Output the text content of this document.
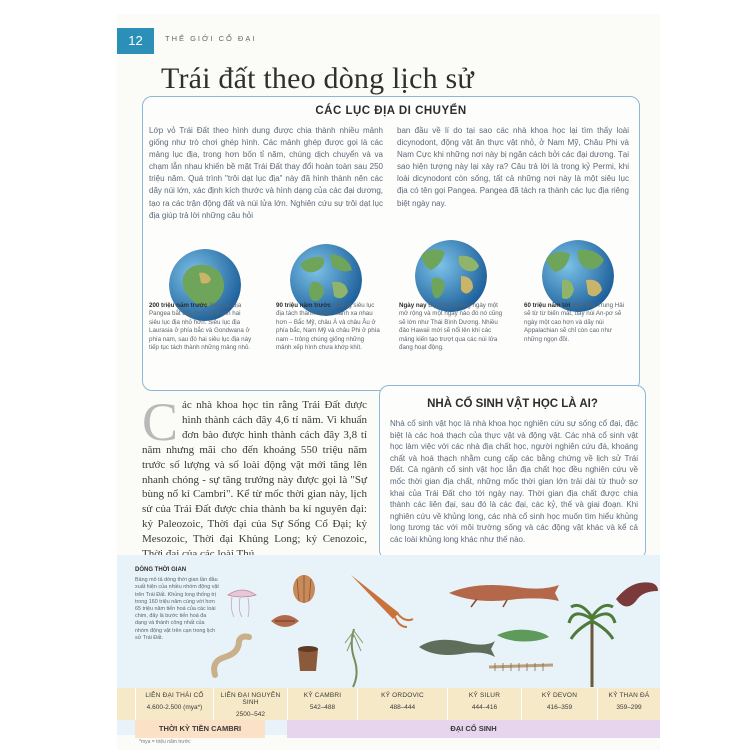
12	THẾ GIỚI CỔ ĐẠI
Trái đất theo dòng lịch sử
CÁC LỤC ĐỊA DI CHUYỂN
Lớp vỏ Trái Đất theo hình dung được chia thành nhiều mảnh giống như trò chơi ghép hình. Các mảnh ghép được gọi là các mảng lục địa, trong hơn bốn tỉ năm, chúng dịch chuyển và va chạm lẫn nhau khiến bề mặt Trái Đất thay đổi hoàn toàn sau 250 triệu năm. Quá trình "trôi dạt lục địa" này đã hình thành nên các dãy núi lớn, xác định kích thước và hình dạng của các đại dương, tạo ra các trận động đất và núi lửa lớn. Nghiên cứu sự trôi dạt lục địa giúp trả lời những câu hỏi
ban đầu về lí do tại sao các nhà khoa học lại tìm thấy loài dicynodont, động vật ăn thực vật nhỏ, ở Nam Mỹ, Châu Phi và Nam Cực khi những nơi này bị ngăn cách bởi các đại dương. Tại sao hiện tượng này lại xảy ra? Câu trả lời là trong kỷ Permi, khi loài dicynodont còn sống, tất cả những nơi này là một siêu lục địa có tên gọi Pangea. Pangea đã tách ra thành các lục địa riêng biệt ngày nay.
200 triệu năm trước Siêu lục địa Pangea bắt đầu tách ra thành hai siêu lục địa nhỏ hơn. Siêu lục địa Laurasia ở phía bắc và Gondwana ở phía nam, sau đó hai siêu lục địa này tiếp tục tách thành những mảng nhỏ.
90 triệu năm trước Những siêu lục địa tách thành nhiều mảnh xa nhau hơn – Bắc Mỹ, châu Á và châu Âu ở phía bắc, Nam Mỹ và châu Phi ở phía nam – trông chúng giống những mảnh xếp hình chưa khớp khít.
Ngày nay Đại Tây Dương ngày một mở rộng và một ngày nào đó nó cũng sẽ lớn như Thái Bình Dương. Nhiều đảo Hawaii mới sẽ nổi lên khi các mảng kiến tạo trượt qua các núi lửa đang hoạt động.
60 triệu năm tới Biển Địa Trung Hải sẽ từ từ biến mất, dãy núi An-pơ sẽ ngày một cao hơn và dãy núi Appalachian sẽ chỉ còn cao như những ngọn đồi.
Các nhà khoa học tin rằng Trái Đất được hình thành cách đây 4,6 tỉ năm. Vi khuẩn đơn bào được hình thành cách đây 3,8 tỉ năm nhưng mãi cho đến khoảng 550 triệu năm trước số lượng và số loài động vật mới tăng lên nhanh chóng - sự tăng trưởng này được gọi là "Sự bùng nổ kỉ Cambri". Kể từ mốc thời gian này, lịch sử của Trái Đất được chia thành ba kỉ nguyên đại: kỷ Paleozoic, Thời đại của Sự Sống Cổ Đại; kỷ Mesozoic, Thời đại Khủng Long; kỷ Cenozoic,
NHÀ CỔ SINH VẬT HỌC LÀ AI?
Nhà cổ sinh vật học là nhà khoa học nghiên cứu sự sống cổ đại, đặc biệt là các hoá thạch của thực vật và động vật. Các nhà cổ sinh vật học làm việc với các nhà địa chất học, người nghiên cứu đá, khoáng chất và hoá thạch nhằm cung cấp các bằng chứng về lịch sử Trái Đất. Cả ngành cổ sinh vật học lẫn địa chất học đều nghiên cứu về mốc thời gian địa chất, những mốc thời gian lớn trải dài từ thuở sơ khai của Trái Đất cho tới ngày nay. Thời gian địa chất được chia thành các liên đại, sau đó là các đại, các kỷ, thế và giai đoạn. Khi nghiên cứu về khủng long, các nhà cổ sinh học muốn tìm hiểu khủng long tương tác với môi trường sống và các động vật khác và kể cả các loài khủng long khác như thế nào.
DÒNG THỜI GIAN
Bảng mô tả dòng thời gian lần đầu xuất hiện của nhiều nhóm động vật trên Trái Đất. Khủng long thống trị trong 160 triệu năm cùng với hơn 65 triệu năm tiến hoá của các loài chim, đây là bước tiến hoá đa dạng và thành công nhất của nhóm động vật trên cạn trong lịch sử Trái Đất.
LIÊN ĐẠI THÁI CỔ
4.600-2.500 (mya*)
LIÊN ĐẠI NGUYÊN SINH
2500–542
KỶ CAMBRI
542–488
KỶ ORDOVIC
488–444
KỶ SILUR
444–416
KỶ DEVON
416–359
KỶ THAN ĐÁ
359–299
THỜI KỲ TIỀN CAMBRI	ĐẠI CỔ SINH
*mya = triệu năm trước
